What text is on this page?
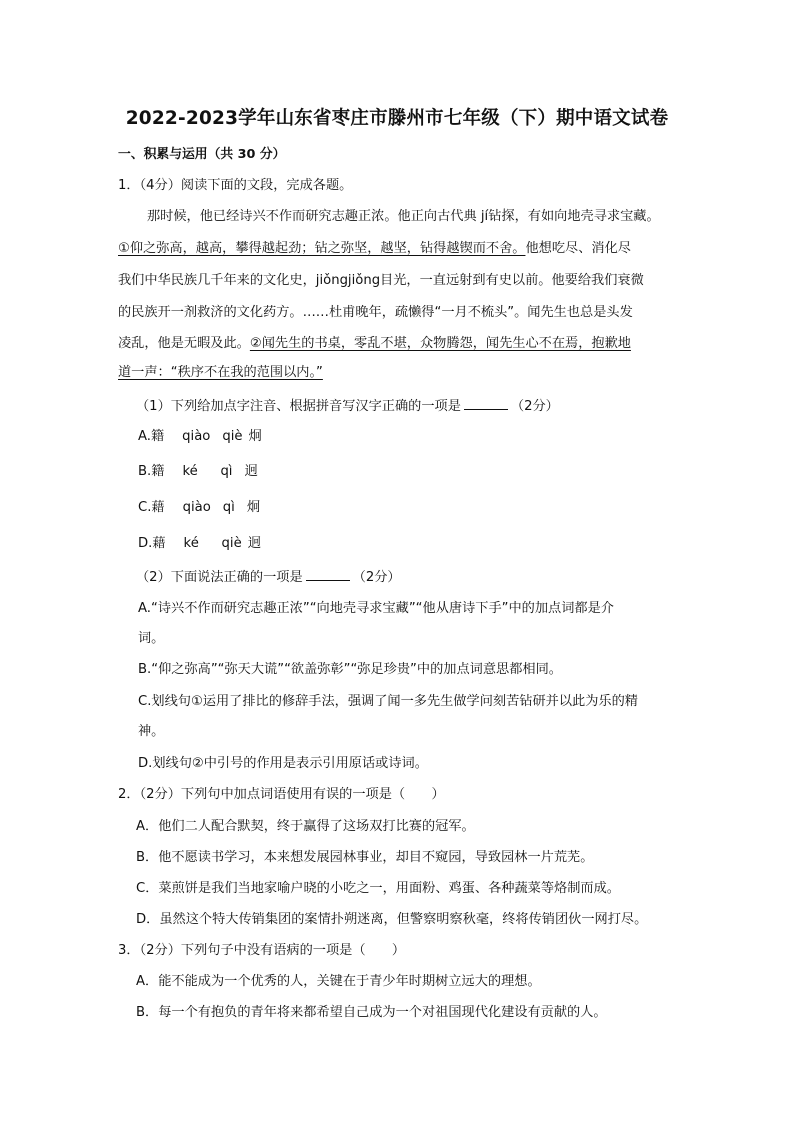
2022-2023学年山东省枣庄市滕州市七年级（下）期中语文试卷
一、积累与运用（共 30 分）
1．（4分）阅读下面的文段，完成各题。
那时候，他已经诗兴不作而研究志趣正浓。他正向古代典 jí钻探，有如向地壳寻求宝藏。
①仰之弥高，越高，攀得越起劲；钻之弥坚，越坚，钻得越锲而不舍。他想吃尽、消化尽
我们中华民族几千年来的文化史，jiǒngjiǒng目光，一直远射到有史以前。他要给我们衰微
的民族开一剂救济的文化药方。……杜甫晚年，疏懒得“一月不梳头”。闻先生也总是头发
凌乱，他是无暇及此。②闻先生的书桌，零乱不堪，众物腾怨，闻先生心不在焉，抱歉地
道一声：“秩序不在我的范围以内。”
（1）下列给加点字注音、根据拼音写汉字正确的一项是	（2分）
A.籍 qiào qiè 炯
B.籍 ké qì 迥
C.藉 qiào qì 炯
D.藉 ké qiè 迥
（2）下面说法正确的一项是	（2分）
A.“诗兴不作而研究志趣正浓”“向地壳寻求宝藏”“他从唐诗下手”中的加点词都是介
词。
B.“仰之弥高”“弥天大谎”“欲盖弥彰”“弥足珍贵”中的加点词意思都相同。
C.划线句①运用了排比的修辞手法，强调了闻一多先生做学问刻苦钻研并以此为乐的精
神。
D.划线句②中引号的作用是表示引用原话或诗词。
2．（2分）下列句中加点词语使用有误的一项是（　　）
A．他们二人配合默契，终于赢得了这场双打比赛的冠军。
B．他不愿读书学习，本来想发展园林事业，却目不窥园，导致园林一片荒芜。
C．菜煎饼是我们当地家喻户晓的小吃之一，用面粉、鸡蛋、各种蔬菜等烙制而成。
D．虽然这个特大传销集团的案情扑朔迷离，但警察明察秋毫，终将传销团伙一网打尽。
3．（2分）下列句子中没有语病的一项是（　　）
A．能不能成为一个优秀的人，关键在于青少年时期树立远大的理想。
B．每一个有抱负的青年将来都希望自己成为一个对祖国现代化建设有贡献的人。
